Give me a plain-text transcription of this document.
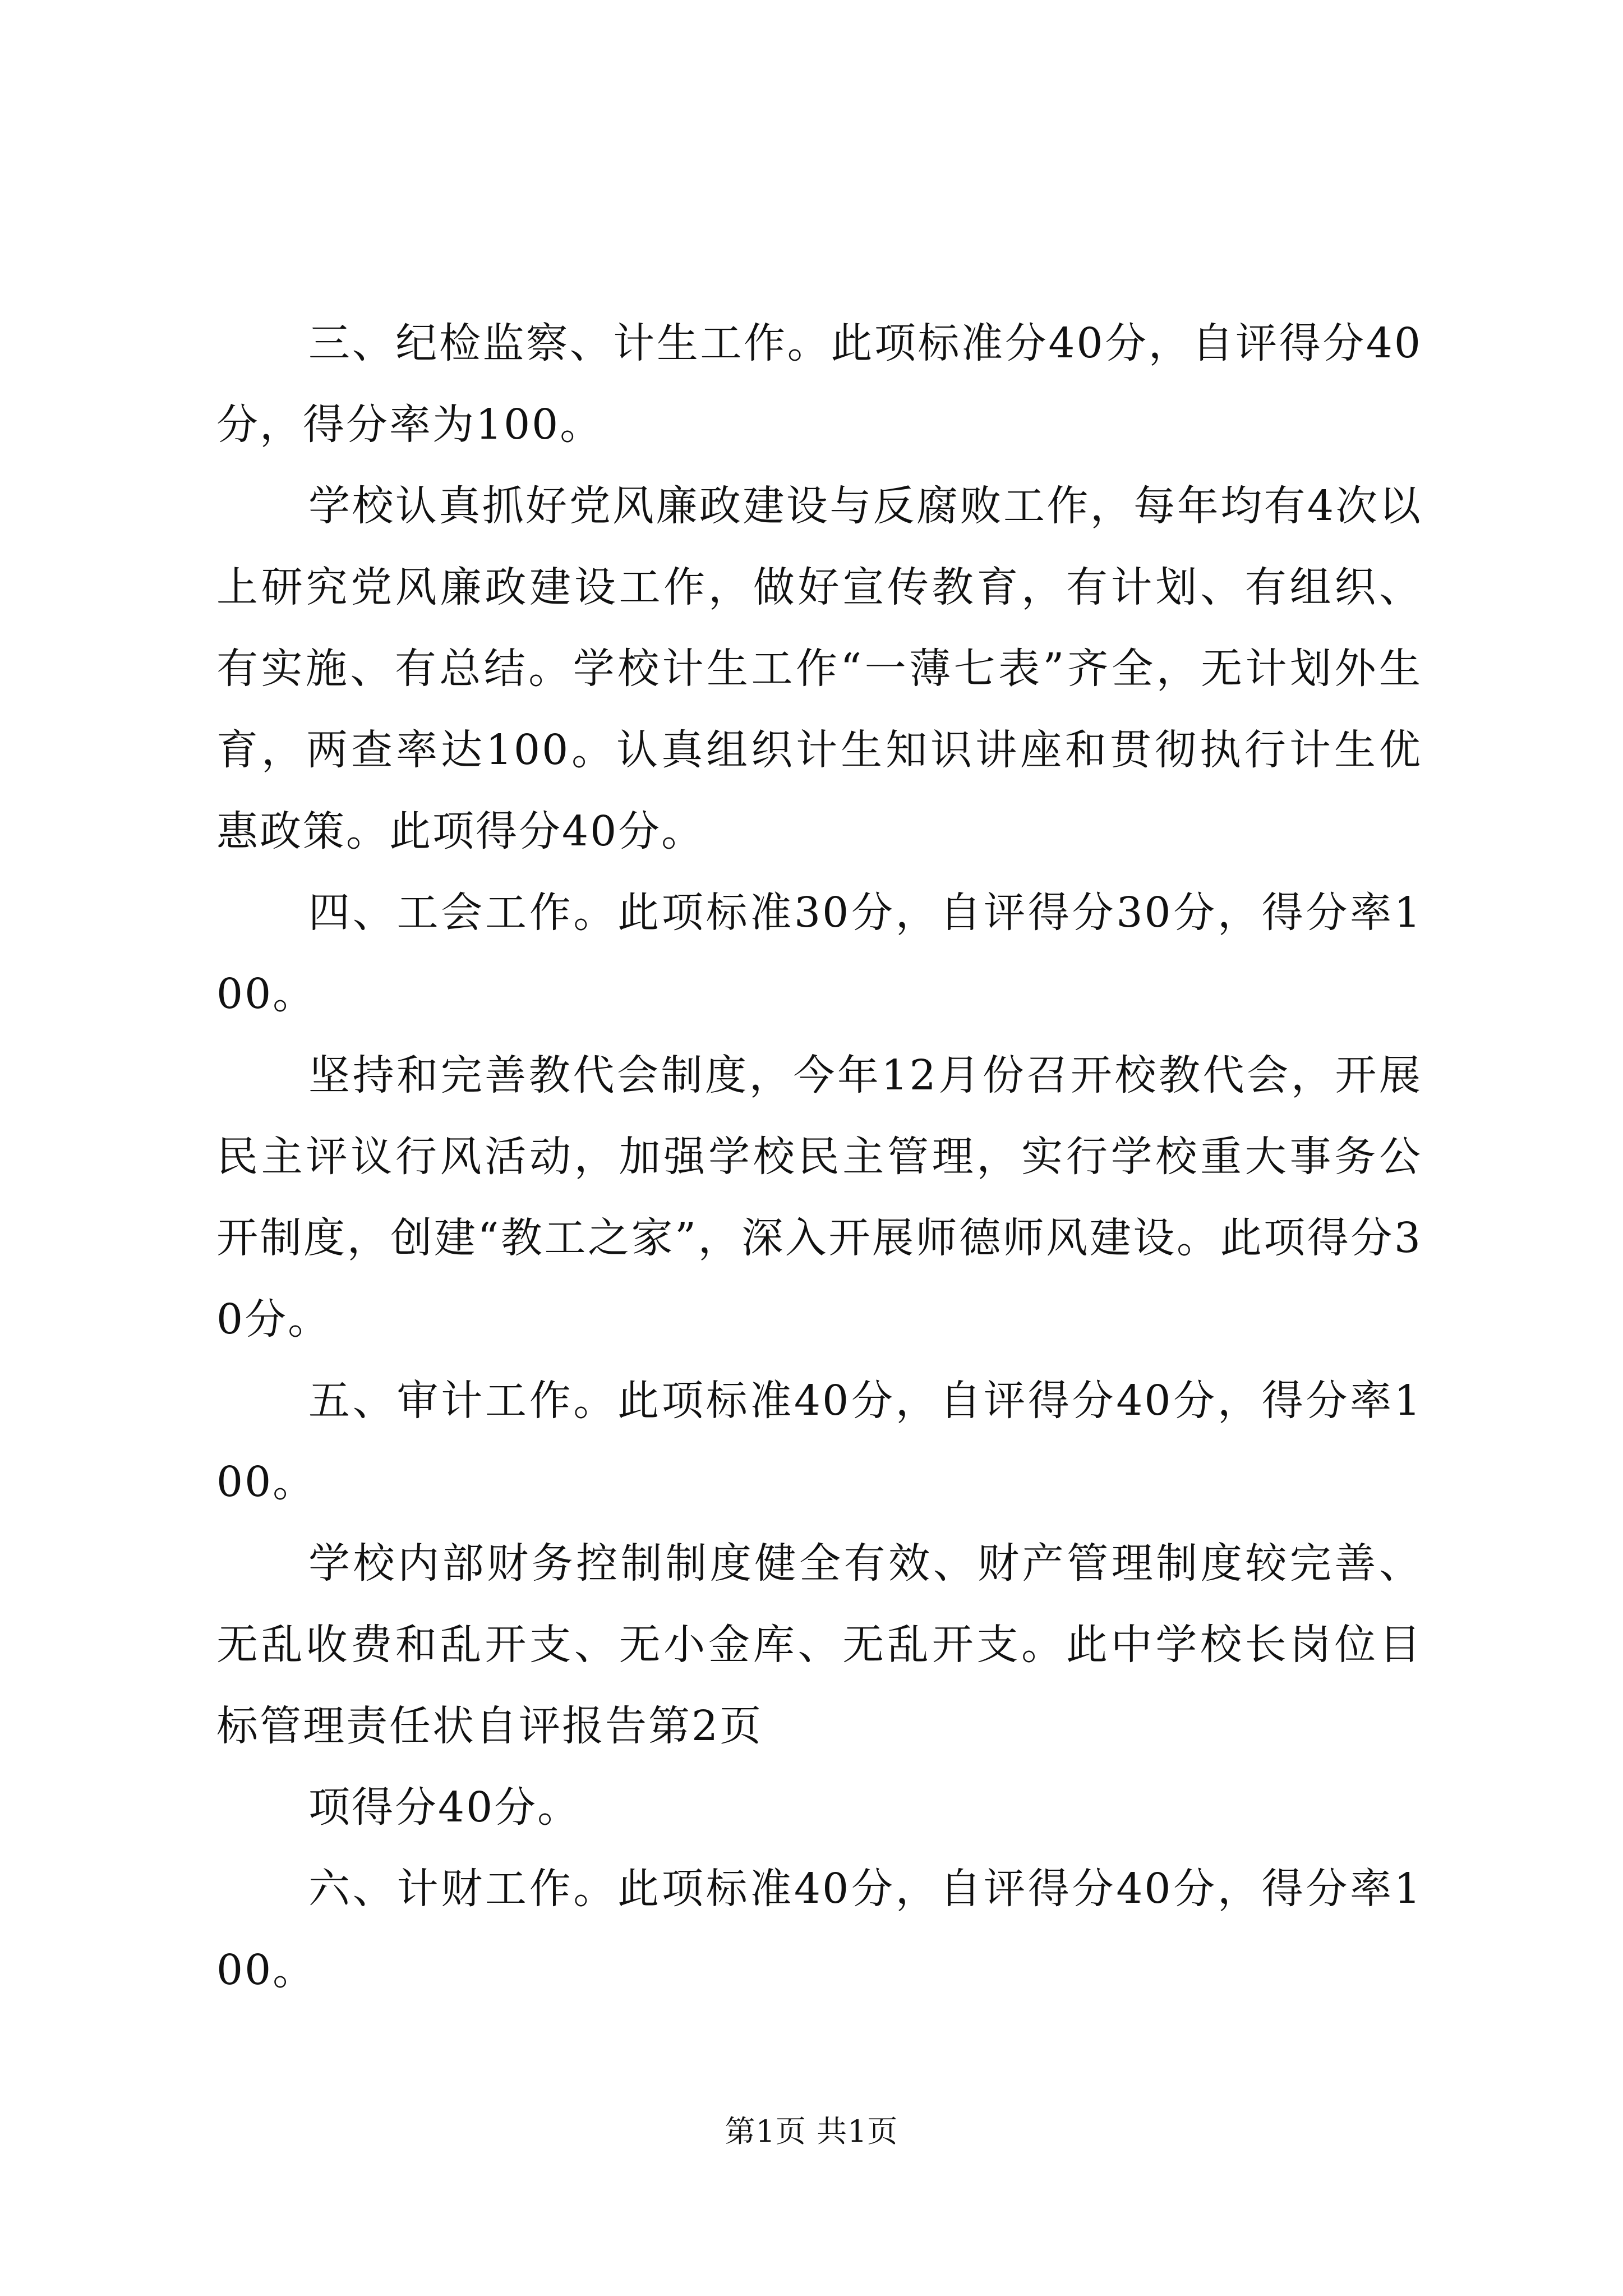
三、纪检监察、计生工作。此项标准分40分，自评得分40分，得分率为100。

学校认真抓好党风廉政建设与反腐败工作，每年均有4次以上研究党风廉政建设工作，做好宣传教育，有计划、有组织、有实施、有总结。学校计生工作“一薄七表”齐全，无计划外生育，两查率达100。认真组织计生知识讲座和贯彻执行计生优惠政策。此项得分40分。

四、工会工作。此项标准30分，自评得分30分，得分率100。

坚持和完善教代会制度，今年12月份召开校教代会，开展民主评议行风活动，加强学校民主管理，实行学校重大事务公开制度，创建“教工之家”，深入开展师德师风建设。此项得分30分。

五、审计工作。此项标准40分，自评得分40分，得分率100。

学校内部财务控制制度健全有效、财产管理制度较完善、无乱收费和乱开支、无小金库、无乱开支。此中学校长岗位目标管理责任状自评报告第2页

项得分40分。

六、计财工作。此项标准40分，自评得分40分，得分率100。

第1页 共1页
